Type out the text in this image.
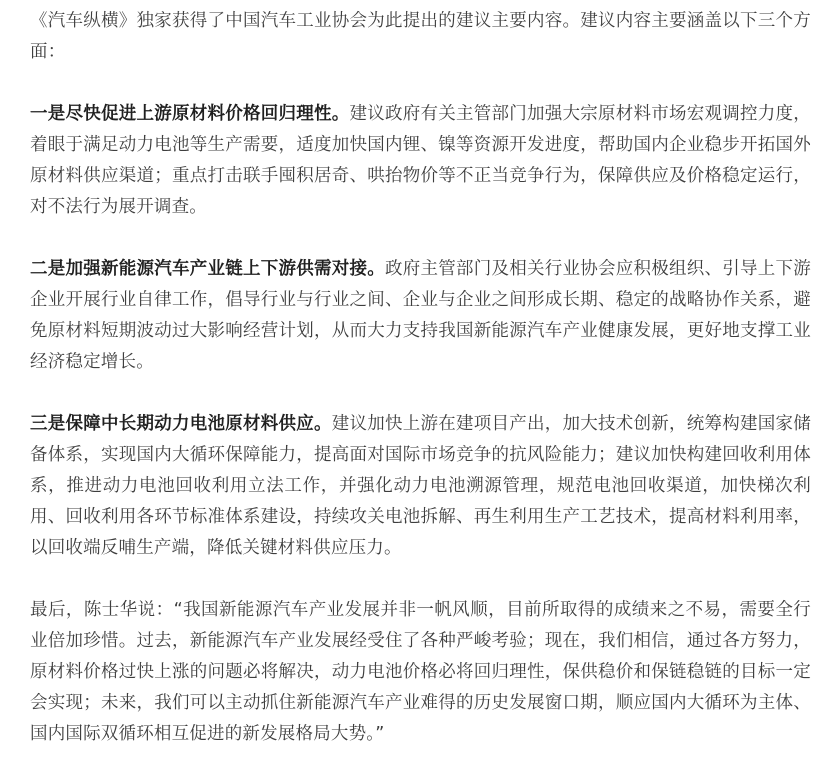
《汽车纵横》独家获得了中国汽车工业协会为此提出的建议主要内容。建议内容主要涵盖以下三个方面：

一是尽快促进上游原材料价格回归理性。建议政府有关主管部门加强大宗原材料市场宏观调控力度，着眼于满足动力电池等生产需要，适度加快国内锂、镍等资源开发进度，帮助国内企业稳步开拓国外原材料供应渠道；重点打击联手囤积居奇、哄抬物价等不正当竞争行为，保障供应及价格稳定运行，对不法行为展开调查。

二是加强新能源汽车产业链上下游供需对接。政府主管部门及相关行业协会应积极组织、引导上下游企业开展行业自律工作，倡导行业与行业之间、企业与企业之间形成长期、稳定的战略协作关系，避免原材料短期波动过大影响经营计划，从而大力支持我国新能源汽车产业健康发展，更好地支撑工业经济稳定增长。

三是保障中长期动力电池原材料供应。建议加快上游在建项目产出，加大技术创新，统筹构建国家储备体系，实现国内大循环保障能力，提高面对国际市场竞争的抗风险能力；建议加快构建回收利用体系，推进动力电池回收利用立法工作，并强化动力电池溯源管理，规范电池回收渠道，加快梯次利用、回收利用各环节标准体系建设，持续攻关电池拆解、再生利用生产工艺技术，提高材料利用率，以回收端反哺生产端，降低关键材料供应压力。

最后，陈士华说：“我国新能源汽车产业发展并非一帆风顺，目前所取得的成绩来之不易，需要全行业倍加珍惜。过去，新能源汽车产业发展经受住了各种严峻考验；现在，我们相信，通过各方努力，原材料价格过快上涨的问题必将解决，动力电池价格必将回归理性，保供稳价和保链稳链的目标一定会实现；未来，我们可以主动抓住新能源汽车产业难得的历史发展窗口期，顺应国内大循环为主体、国内国际双循环相互促进的新发展格局大势。”
